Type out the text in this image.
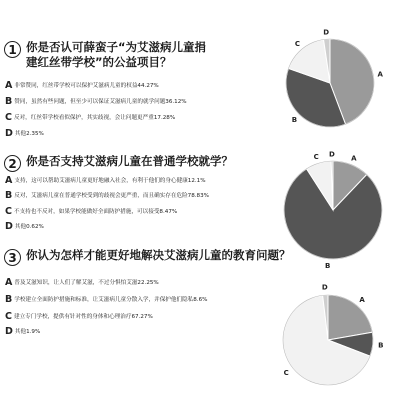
1 你是否认可薛蛮子“为艾滋病儿童捐
建红丝带学校”的公益项目？
A非常赞同，红丝带学校可以保护艾滋病儿童的权益44.27%
B赞同，虽然有些问题，但至少可以保证艾滋病儿童的就学问题36.12%
C反对，红丝带学校看似保护，其实歧视，会让问题更严重17.28%
D其他2.35%
2 你是否支持艾滋病儿童在普通学校就学？
A支持，这可以帮助艾滋病儿童更好地融入社会，有利于他们的身心健康12.1%
B反对，艾滋病儿童在普通学校受到的歧视会更严重，而且确实存在危险78.83%
C不支持也不反对，如果学校能做好全面防护措施，可以接受8.47%
D其他0.62%
3 你认为怎样才能更好地解决艾滋病儿童的教育问题？
A普及艾滋知识，让人们了解艾滋，不过分惧怕艾滋22.25%
B学校建立全面防护措施和标准，让艾滋病儿童分散入学，并保护他们隐私8.6%
C建立专门学校，提供有针对性的身体和心理治疗67.27%
D其他1.9%
A
B
C
D
A
B
C D
A
B
C
D
